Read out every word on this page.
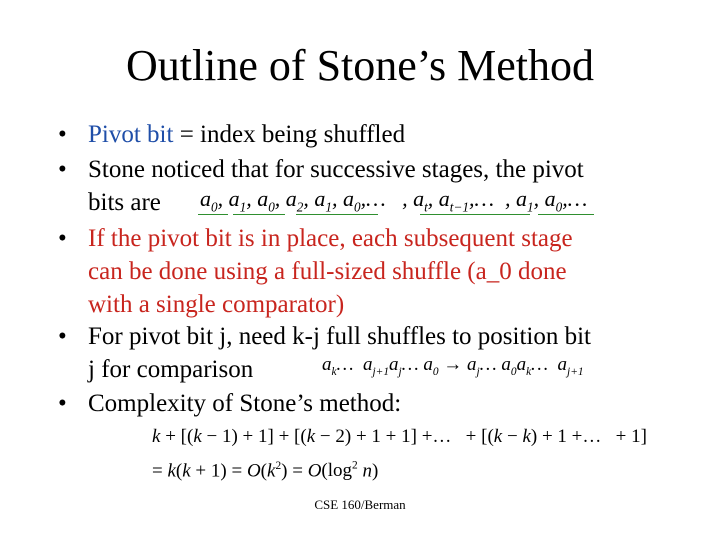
Outline of Stone’s Method
• Pivot bit = index being shuffled
• Stone noticed that for successive stages, the pivot
bits are $a_0$, $a_1$, $a_0$, $a_2$, $a_1$, $a_0,\dots$   , $a_t$, $a_{t-1},\dots$  , $a_1$, $a_0,\dots$
• If the pivot bit is in place, each subsequent stage
can be done using a full-sized shuffle (a_0 done
with a single comparator)
• For pivot bit j, need k-j full shuffles to position bit
j for comparison	$a_k\dots$  $a_{j+1}a_j\dots$ $a_0$ → $a_j\dots$ $a_0a_k\dots$  $a_{j+1}$
• Complexity of Stone’s method:
k + [(k − 1) + 1] + [(k − 2) + 1 + 1] +…   + [(k − k) + 1 +…   + 1]
= $k(k + 1) = O(k^2) = O(\log^2$ n)
CSE 160/Berman
